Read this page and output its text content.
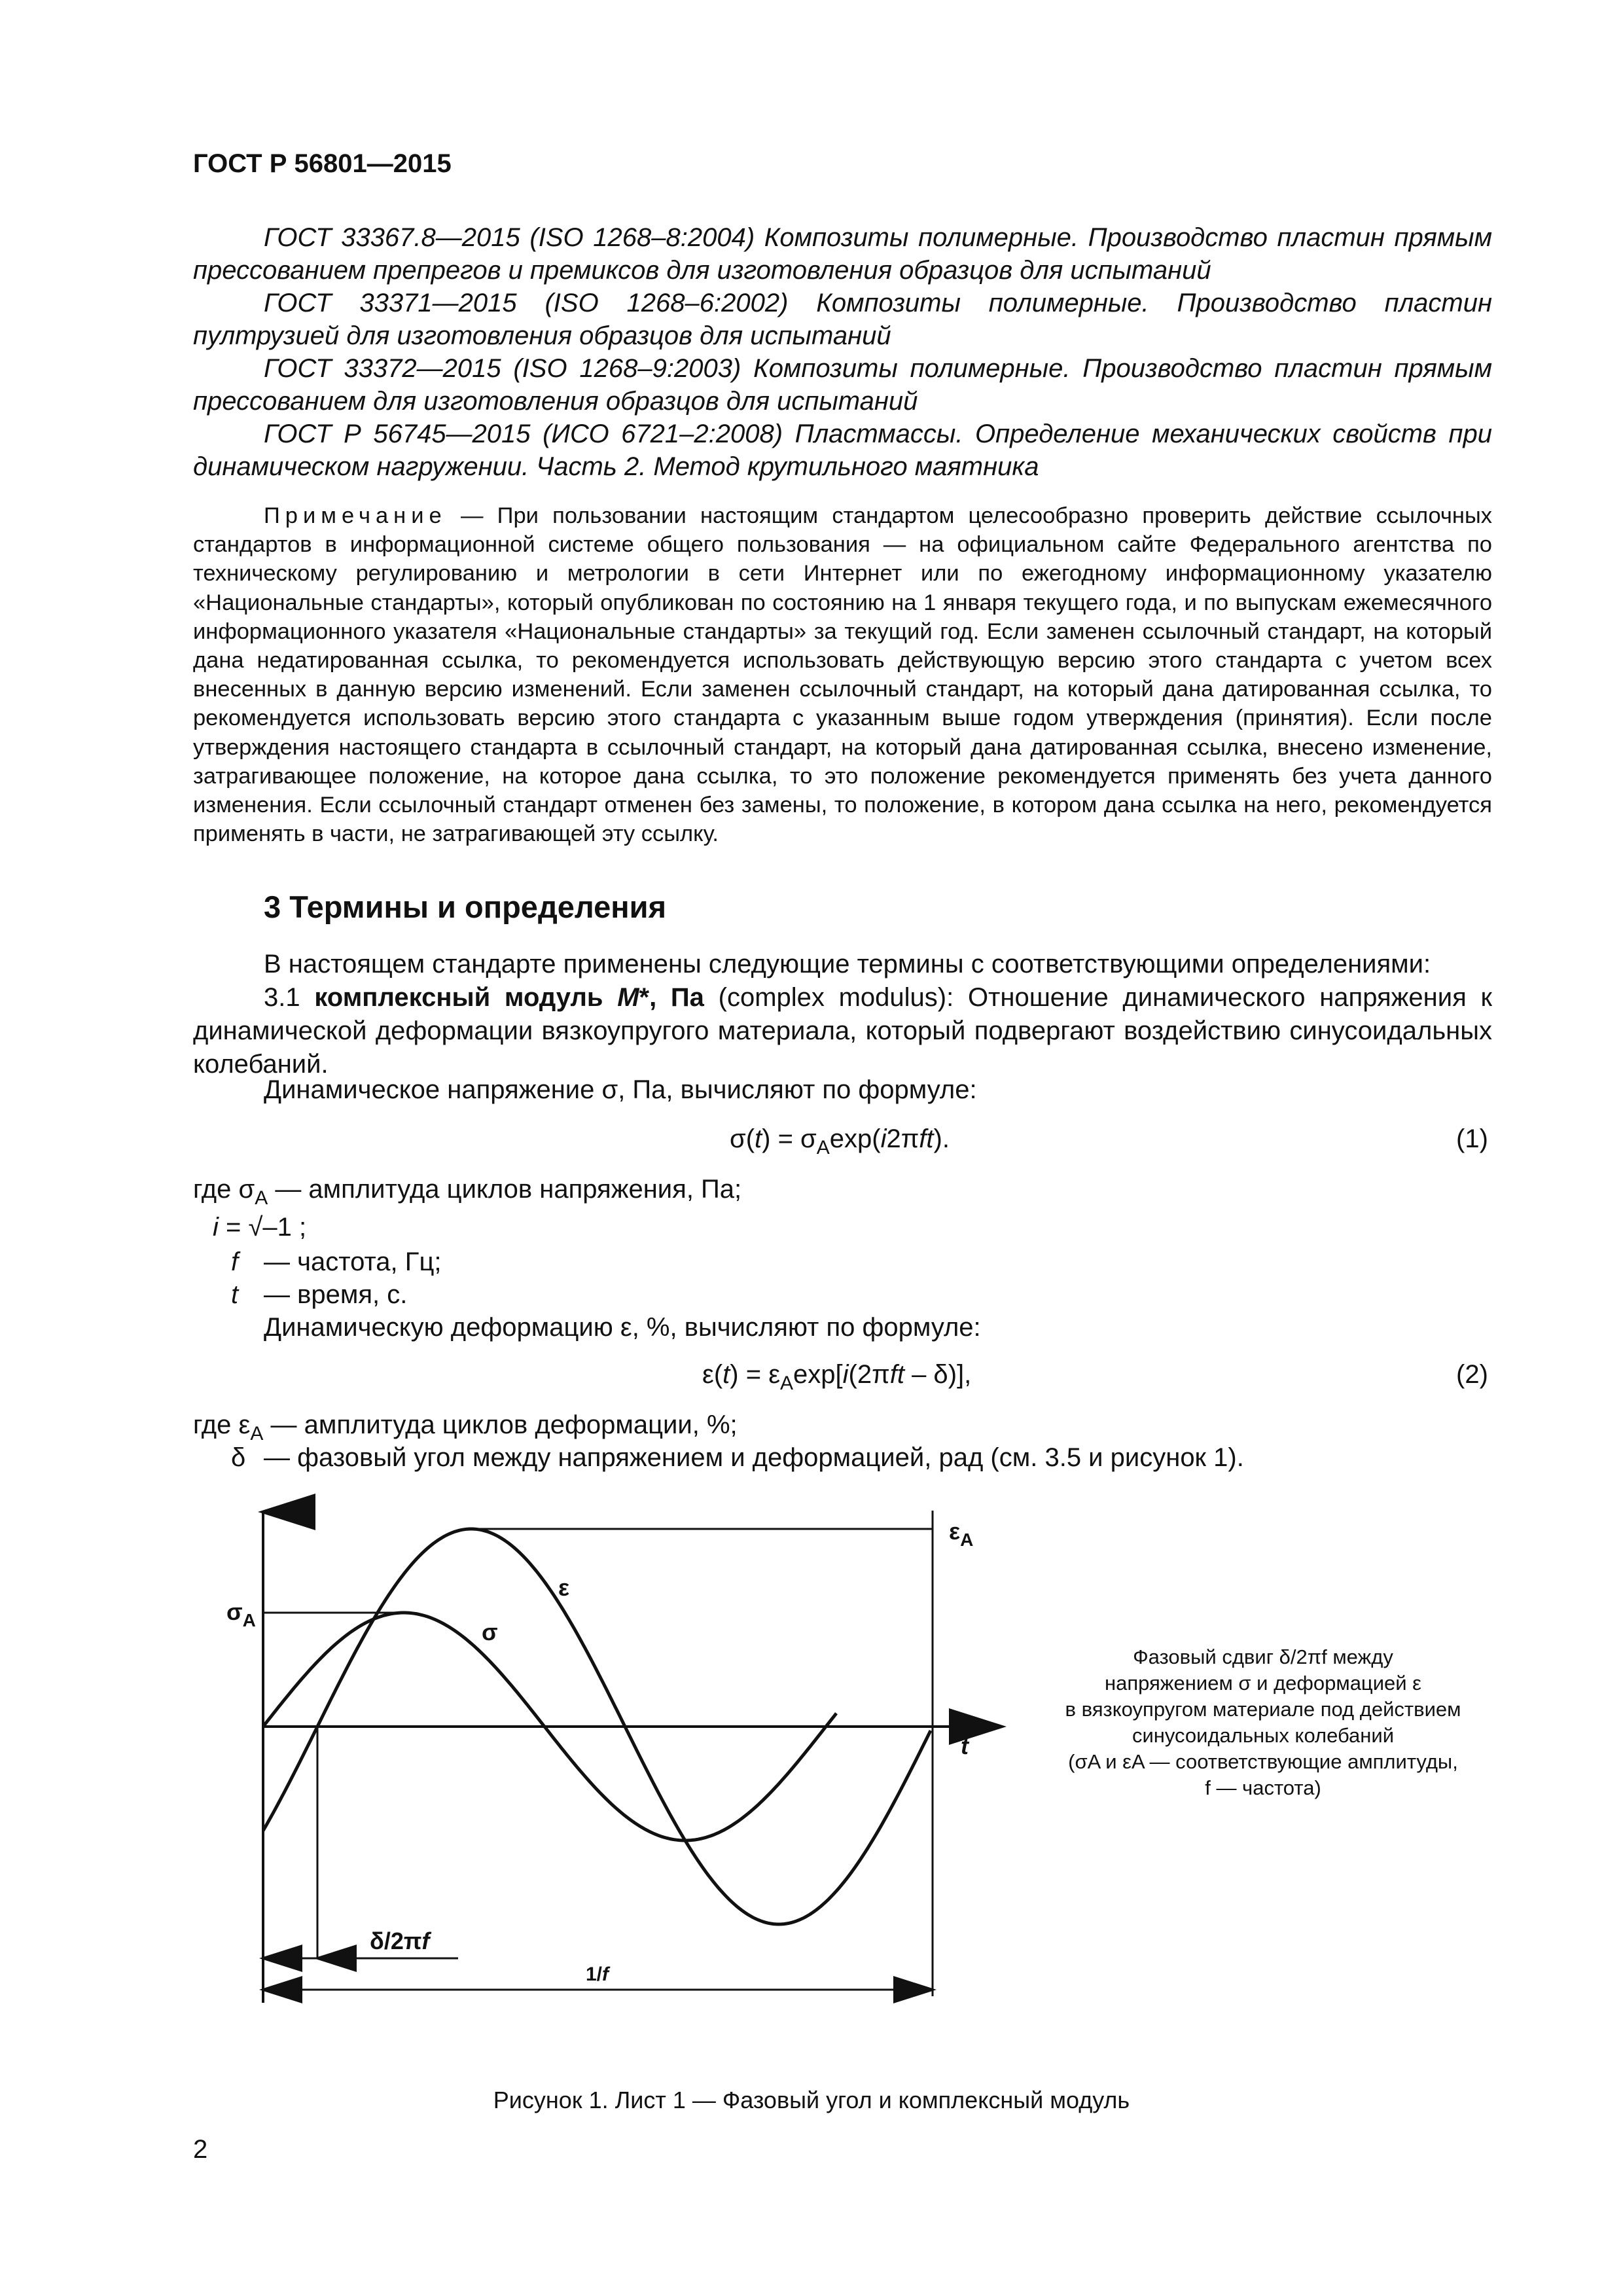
ГОСТ Р 56801—2015

ГОСТ 33367.8—2015 (ISO 1268–8:2004) Композиты полимерные. Производство пластин прямым прессованием препрегов и премиксов для изготовления образцов для испытаний

ГОСТ 33371—2015 (ISO 1268–6:2002) Композиты полимерные. Производство пластин пултрузией для изготовления образцов для испытаний

ГОСТ 33372—2015 (ISO 1268–9:2003) Композиты полимерные. Производство пластин прямым прессованием для изготовления образцов для испытаний

ГОСТ Р 56745—2015 (ИСО 6721–2:2008) Пластмассы. Определение механических свойств при динамическом нагружении. Часть 2. Метод крутильного маятника

Примечание — При пользовании настоящим стандартом целесообразно проверить действие ссылочных стандартов в информационной системе общего пользования — на официальном сайте Федерального агентства по техническому регулированию и метрологии в сети Интернет или по ежегодному информационному указателю «Национальные стандарты», который опубликован по состоянию на 1 января текущего года, и по выпускам ежемесячного информационного указателя «Национальные стандарты» за текущий год. Если заменен ссылочный стандарт, на который дана недатированная ссылка, то рекомендуется использовать действующую версию этого стандарта с учетом всех внесенных в данную версию изменений. Если заменен ссылочный стандарт, на который дана датированная ссылка, то рекомендуется использовать версию этого стандарта с указанным выше годом утверждения (принятия). Если после утверждения настоящего стандарта в ссылочный стандарт, на который дана датированная ссылка, внесено изменение, затрагивающее положение, на которое дана ссылка, то это положение рекомендуется применять без учета данного изменения. Если ссылочный стандарт отменен без замены, то положение, в котором дана ссылка на него, рекомендуется применять в части, не затрагивающей эту ссылку.
3 Термины и определения
В настоящем стандарте применены следующие термины с соответствующими определениями:
3.1 комплексный модуль M*, Па (complex modulus): Отношение динамического напряжения к динамической деформации вязкоупругого материала, который подвергают воздействию синусоидальных колебаний.
Динамическое напряжение σ, Па, вычисляют по формуле:
$\sigma(t) = \sigma_A\exp(i2\pi ft)$.	(1)
где $\sigma_A$ — амплитуда циклов напряжения, Па;
i = √–1 ;
f — частота, Гц;
t — время, с.
Динамическую деформацию ε, %, вычисляют по формуле:
$\varepsilon(t) = \varepsilon_A\exp[i(2\pi ft - \delta)]$,	(2)
где $\varepsilon_A$ — амплитуда циклов деформации, %;
δ — фазовый угол между напряжением и деформацией, рад (см. 3.5 и рисунок 1).
$\varepsilon_A$
$\sigma_A$
ε
σ
t
δ/2πf
1/f
Фазовый сдвиг δ/2πf между
напряжением σ и деформацией ε
в вязкоупругом материале под действием
синусоидальных колебаний
(σA и εA — соответствующие амплитуды,
f — частота)
Рисунок 1. Лист 1 — Фазовый угол и комплексный модуль
2
